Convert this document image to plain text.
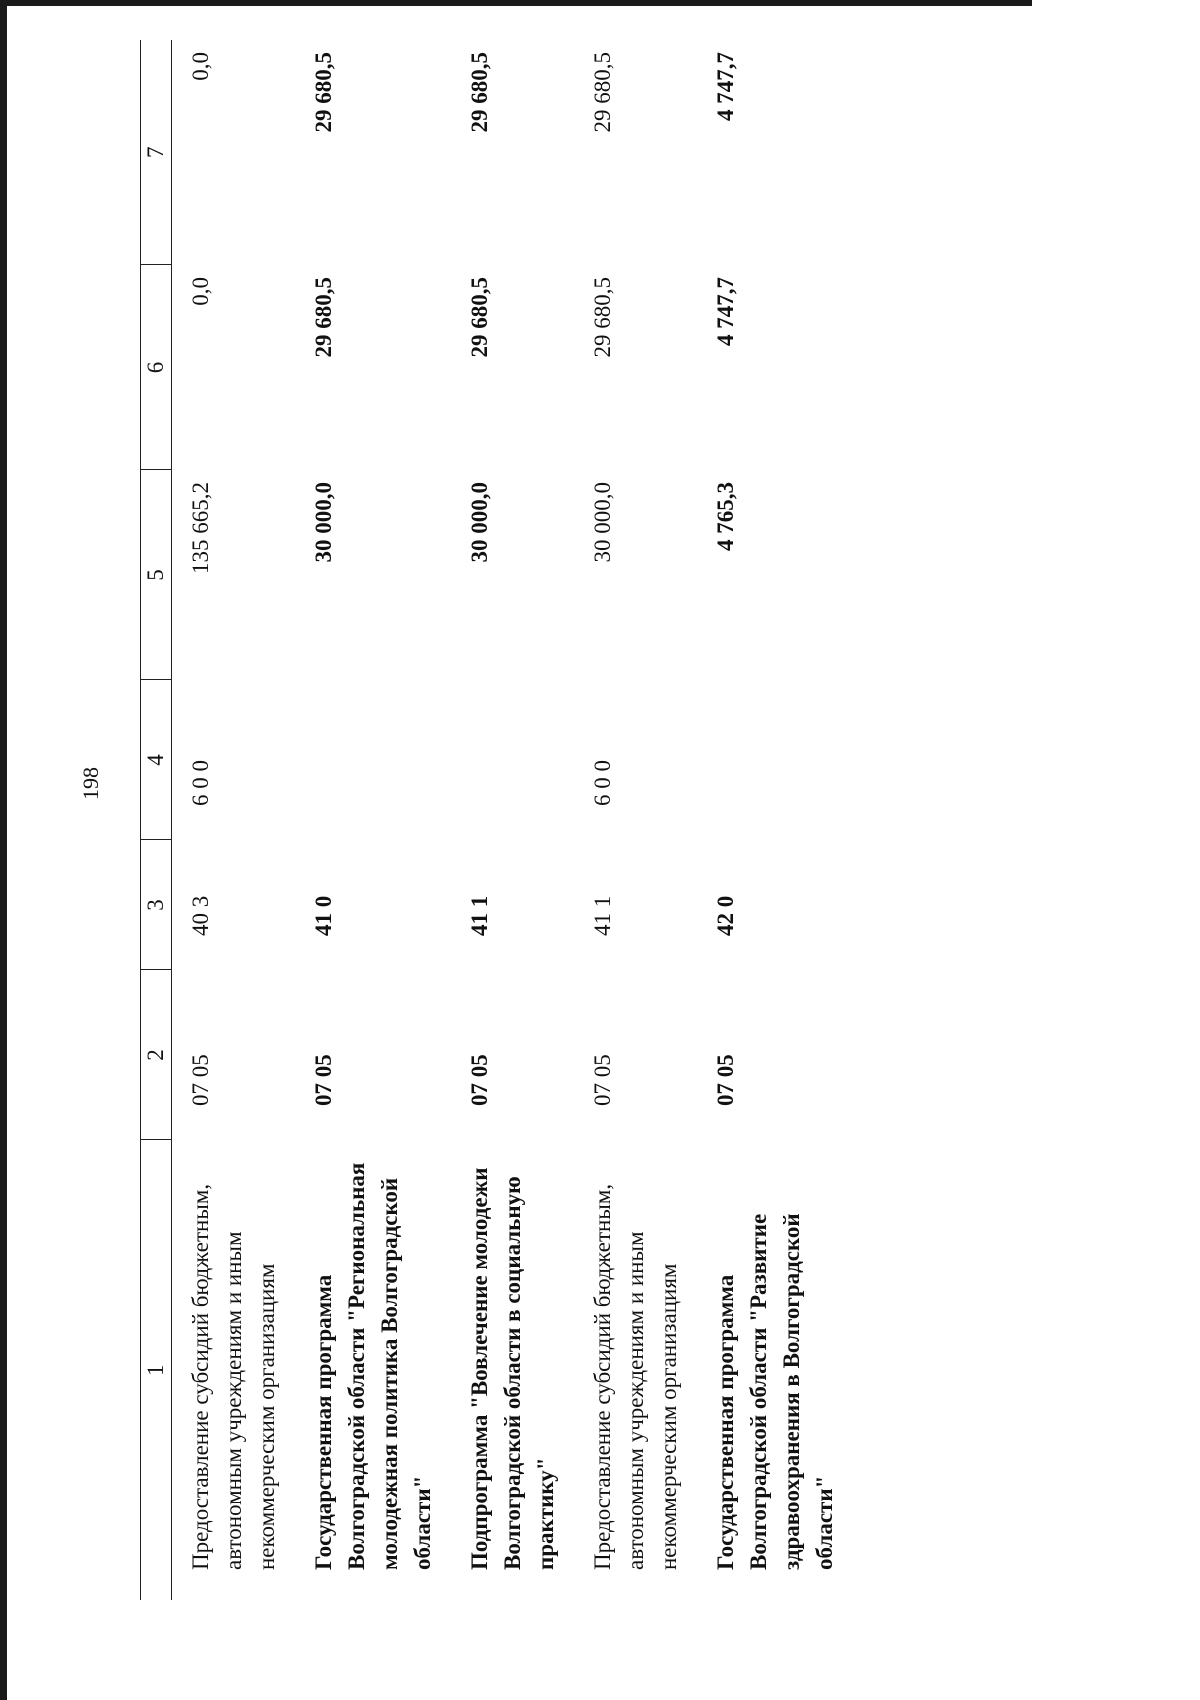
198
1	2	3	4	5	6	7
Предоставление субсидий бюджетным, автономным учреждениям и иным некоммерческим организациям	07 05	40 3	6 0 0	135 665,2	0,0	0,0
Государственная программа Волгоградской области "Региональная молодежная политика Волгоградской области"	07 05	41 0		30 000,0	29 680,5	29 680,5
Подпрограмма "Вовлечение молодежи Волгоградской области в социальную практику"	07 05	41 1		30 000,0	29 680,5	29 680,5
Предоставление субсидий бюджетным, автономным учреждениям и иным некоммерческим организациям	07 05	41 1	6 0 0	30 000,0	29 680,5	29 680,5
Государственная программа Волгоградской области "Развитие здравоохранения в Волгоградской области"	07 05	42 0		4 765,3	4 747,7	4 747,7
